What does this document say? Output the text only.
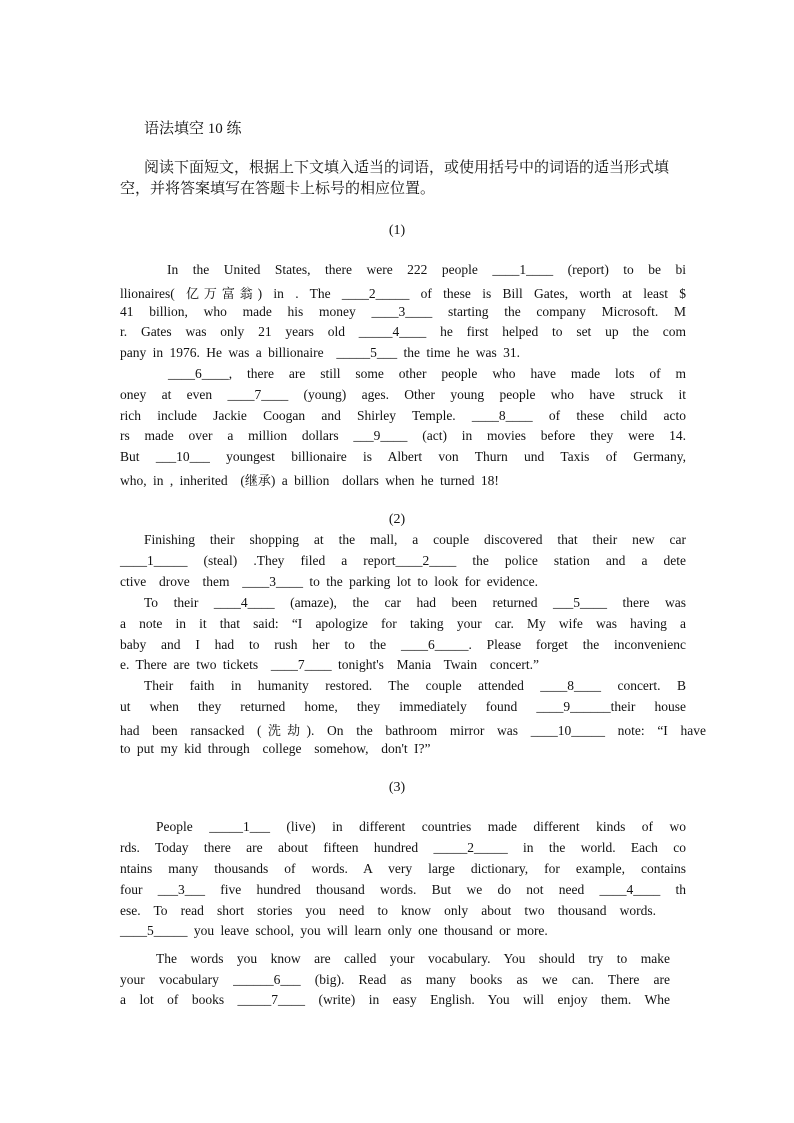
语法填空 10 练
阅读下面短文，根据上下文填入适当的词语，或使用括号中的词语的适当形式填空，并将答案填写在答题卡上标号的相应位置。
(1)
In the United States, there were 222 people ____1____ (report) to be bi
llionaires( 亿万富翁) in . The ____2_____ of these is Bill Gates, worth at least $
41 billion, who made his money ____3____ starting the company Microsoft. M
r. Gates was only 21 years old _____4____ he first helped to set up the com
pany in 1976. He was a billionaire  _____5___ the time he was 31.
____6____, there are still some other people who have made lots of m
oney at even ____7____ (young) ages. Other young people who have struck it
rich include Jackie Coogan and Shirley Temple. ____8____ of these child acto
rs made over a million dollars ___9____ (act) in movies before they were 14.
But ___10___ youngest billionaire is Albert von Thurn und Taxis of Germany,
who, in , inherited  (继承) a billion  dollars when he turned 18!
(2)
Finishing their shopping at the mall, a couple discovered that their new car
____1_____ (steal) .They filed a report____2____ the police station and a dete
ctive  drove  them  ____3____ to the parking lot to look for evidence.
To their ____4____ (amaze), the car had been returned ___5____ there was
a note in it that said: “I apologize for taking your car. My wife was having a
baby and I had to rush her to the ____6_____. Please forget the inconvenienc
e. There are two tickets  ____7____ tonight's  Mania  Twain  concert.”
Their faith in humanity restored. The couple attended ____8____ concert. B
ut when they returned home, they immediately found ____9______their house
had been ransacked (洗劫). On the bathroom mirror was ____10_____ note: “I have
to put my kid through  college  somehow,  don't I?”
(3)
People _____1___ (live) in different countries made different kinds of wo
rds. Today there are about fifteen hundred _____2_____ in the world. Each co
ntains many thousands of words. A very large dictionary, for example, contains
four ___3___ five hundred thousand words. But we do not need ____4____ th
ese. To read short stories you need to know only about two thousand words.
____5_____ you leave school, you will learn only one thousand or more.
The words you know are called your vocabulary. You should try to make
your vocabulary ______6___ (big). Read as many books as we can. There are
a lot of books _____7____ (write) in easy English. You will enjoy them. Whe
